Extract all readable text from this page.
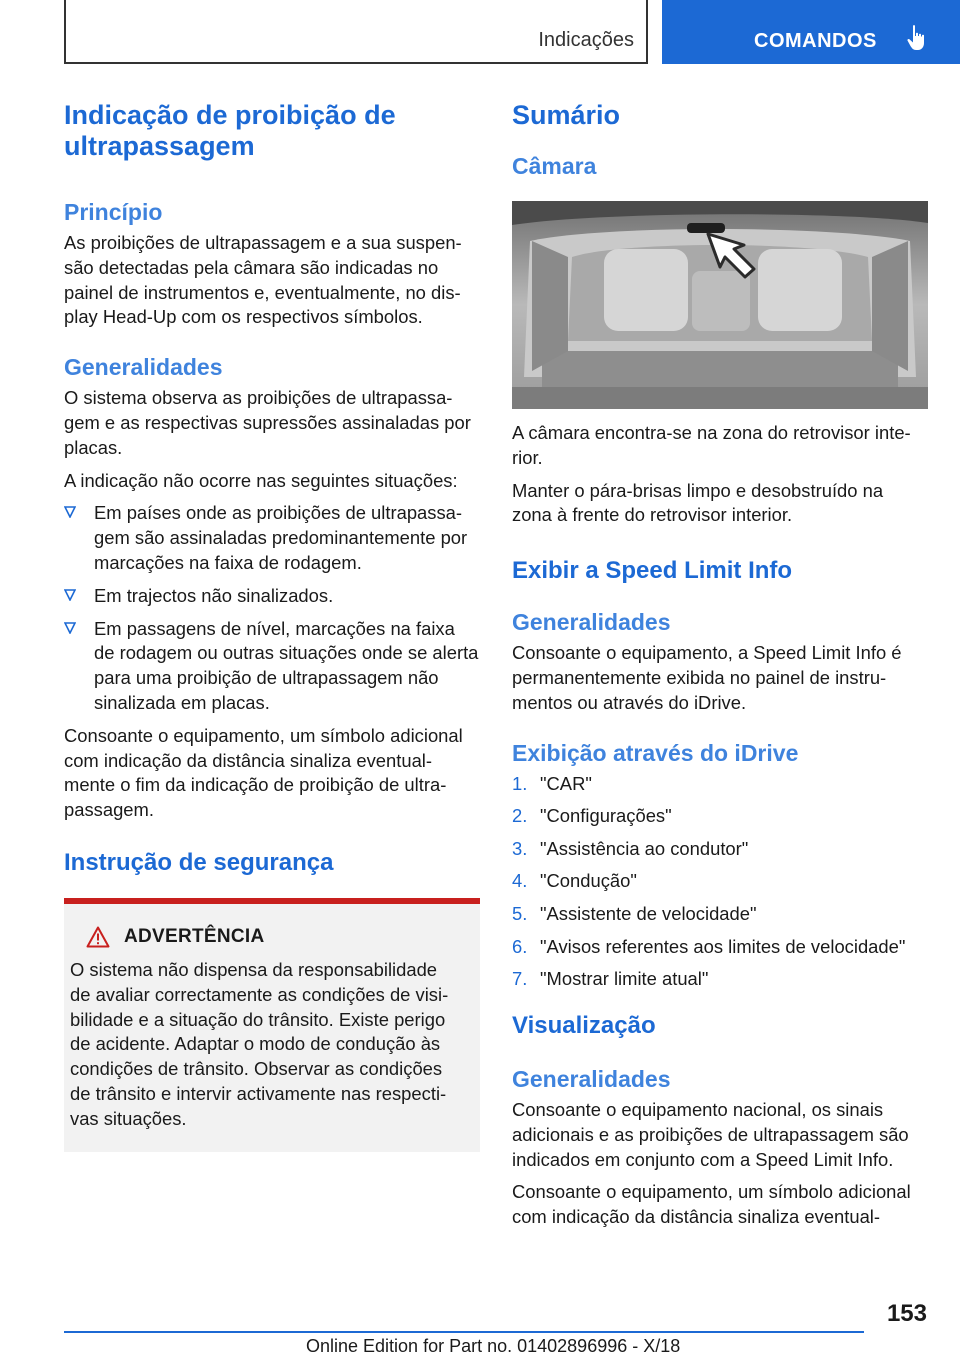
Indicações	COMANDOS
Indicação de proibição de ultrapassagem
Princípio

As proibições de ultrapassagem e a sua suspen-são detectadas pela câmara são indicadas no painel de instrumentos e, eventualmente, no dis-play Head-Up com os respectivos símbolos.

Generalidades

O sistema observa as proibições de ultrapassa-gem e as respectivas supressões assinaladas por placas.

A indicação não ocorre nas seguintes situações:

Em países onde as proibições de ultrapassa-gem são assinaladas predominantemente por marcações na faixa de rodagem.
Em trajectos não sinalizados.
Em passagens de nível, marcações na faixa de rodagem ou outras situações onde se alerta para uma proibição de ultrapassagem não sinalizada em placas.

Consoante o equipamento, um símbolo adicional com indicação da distância sinaliza eventual-mente o fim da indicação de proibição de ultra-passagem.

Instrução de segurança
ADVERTÊNCIA

O sistema não dispensa da responsabilidade de avaliar correctamente as condições de visi-bilidade e a situação do trânsito. Existe perigo de acidente. Adaptar o modo de condução às condições de trânsito. Observar as condições de trânsito e intervir activamente nas respecti-vas situações.

Sumário
Câmara

A câmara encontra-se na zona do retrovisor inte-rior.

Manter o pára-brisas limpo e desobstruído na zona à frente do retrovisor interior.

Exibir a Speed Limit Info
Generalidades

Consoante o equipamento, a Speed Limit Info é permanentemente exibida no painel de instru-mentos ou através do iDrive.

Exibição através do iDrive
1. "CAR"
2. "Configurações"
3. "Assistência ao condutor"
4. "Condução"
5. "Assistente de velocidade"
6. "Avisos referentes aos limites de velocidade"
7. "Mostrar limite atual"
Visualização
Generalidades

Consoante o equipamento nacional, os sinais adicionais e as proibições de ultrapassagem são indicados em conjunto com a Speed Limit Info.

Consoante o equipamento, um símbolo adicional com indicação da distância sinaliza eventual-

153
Online Edition for Part no. 01402896996 - X/18
